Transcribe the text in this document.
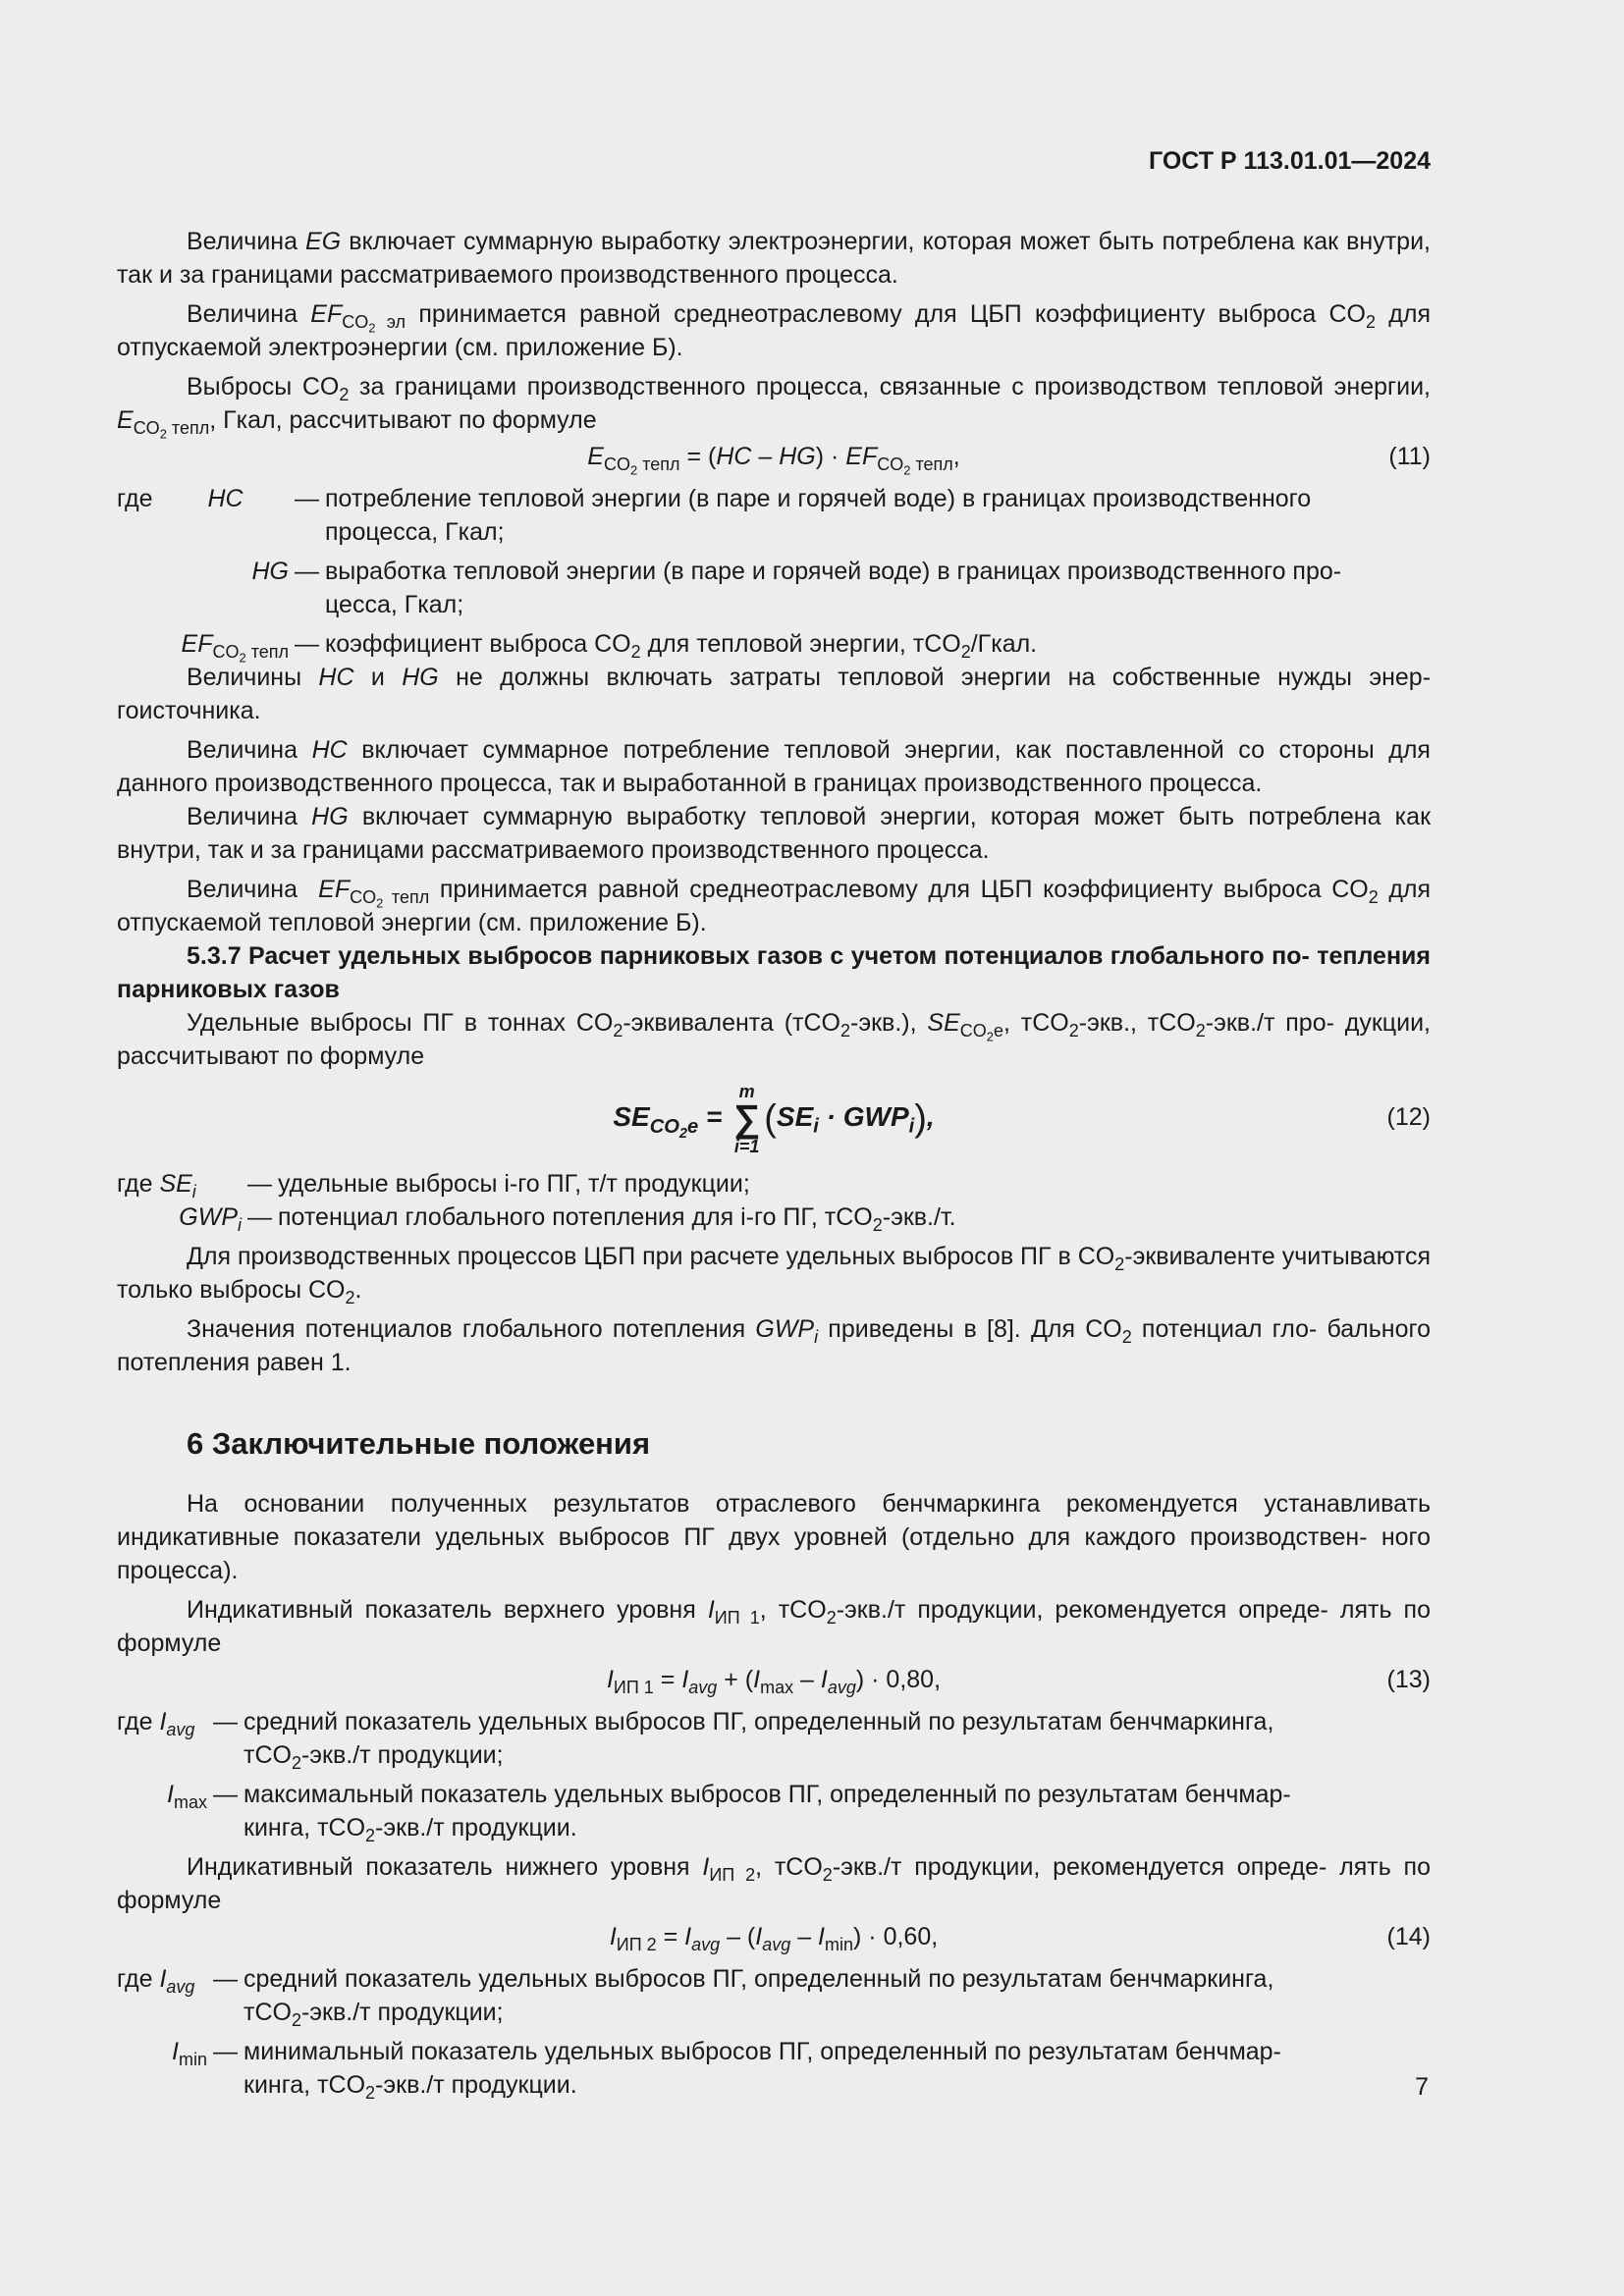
ГОСТ Р 113.01.01—2024

Величина EG включает суммарную выработку электроэнергии, которая может быть потреблена как внутри, так и за границами рассматриваемого производственного процесса.

Величина $EF_{CO_2 эл}$ принимается равной среднеотраслевому для ЦБП коэффициенту выброса $CO_2$ для отпускаемой электроэнергии (см. приложение Б).

Выбросы $CO_2$ за границами производственного процесса, связанные с производством тепловой энергии, $E_{CO_2 тепл}$, Гкал, рассчитывают по формуле

$E_{CO_2 тепл} = (HC - HG) \cdot EF_{CO_2 тепл}$,	(11)
где HC	— потребление тепловой энергии (в паре и горячей воде) в границах производственного
процесса, Гкал;
HG — выработка тепловой энергии (в паре и горячей воде) в границах производственного про-
цесса, Гкал;
$EF_{CO_2 тепл}$ — коэффициент выброса $CO_2$ для тепловой энергии, тCO$_2$/Гкал.

Величины HC и HG не должны включать затраты тепловой энергии на собственные нужды энер- гоисточника.

Величина HC включает суммарное потребление тепловой энергии, как поставленной со стороны для данного производственного процесса, так и выработанной в границах производственного процесса.

Величина HG включает суммарную выработку тепловой энергии, которая может быть потреблена как внутри, так и за границами рассматриваемого производственного процесса.

Величина  $EF_{CO_2 тепл}$ принимается равной среднеотраслевому для ЦБП коэффициенту выброса $CO_2$ для отпускаемой тепловой энергии (см. приложение Б).

5.3.7 Расчет удельных выбросов парниковых газов с учетом потенциалов глобального по- тепления парниковых газов

Удельные выбросы ПГ в тоннах $CO_2$-эквивалента (тCO$_2$-экв.), $SE_{CO_2e}$, тCO$_2$-экв., тCO$_2$-экв./т про- дукции, рассчитывают по формуле

$SE_{CO_2e}$ =
m
∑
i=1
$(SE_i \cdot GWP_i)$,	(12)
где $SE_i$	— удельные выбросы i-го ПГ, т/т продукции;
$GWP_i$ — потенциал глобального потепления для i-го ПГ, тCO$_2$-экв./т.

Для производственных процессов ЦБП при расчете удельных выбросов ПГ в $CO_2$-эквиваленте учитываются только выбросы $CO_2$.

Значения потенциалов глобального потепления $GWP_i$ приведены в [8]. Для $CO_2$ потенциал гло- бального потепления равен 1.

6 Заключительные положения

На основании полученных результатов отраслевого бенчмаркинга рекомендуется устанавливать индикативные показатели удельных выбросов ПГ двух уровней (отдельно для каждого производствен- ного процесса).

Индикативный показатель верхнего уровня $I_{ИП 1}$, тCO$_2$-экв./т продукции, рекомендуется опреде- лять по формуле

$I_{ИП 1} = I_{avg} + (I_{max} - I_{avg}) \cdot 0,80$,	(13)
где $I_{avg}$ — средний показатель удельных выбросов ПГ, определенный по результатам бенчмаркинга,
тCO$_2$-экв./т продукции;
$I_{max}$ — максимальный показатель удельных выбросов ПГ, определенный по результатам бенчмар-
кинга, тCO$_2$-экв./т продукции.

Индикативный показатель нижнего уровня $I_{ИП 2}$, тCO$_2$-экв./т продукции, рекомендуется опреде- лять по формуле

$I_{ИП 2} = I_{avg} - (I_{avg} - I_{min}) \cdot 0,60$,	(14)
где $I_{avg}$ — средний показатель удельных выбросов ПГ, определенный по результатам бенчмаркинга,
тCO$_2$-экв./т продукции;
$I_{min}$ — минимальный показатель удельных выбросов ПГ, определенный по результатам бенчмар-
кинга, тCO$_2$-экв./т продукции.	7
